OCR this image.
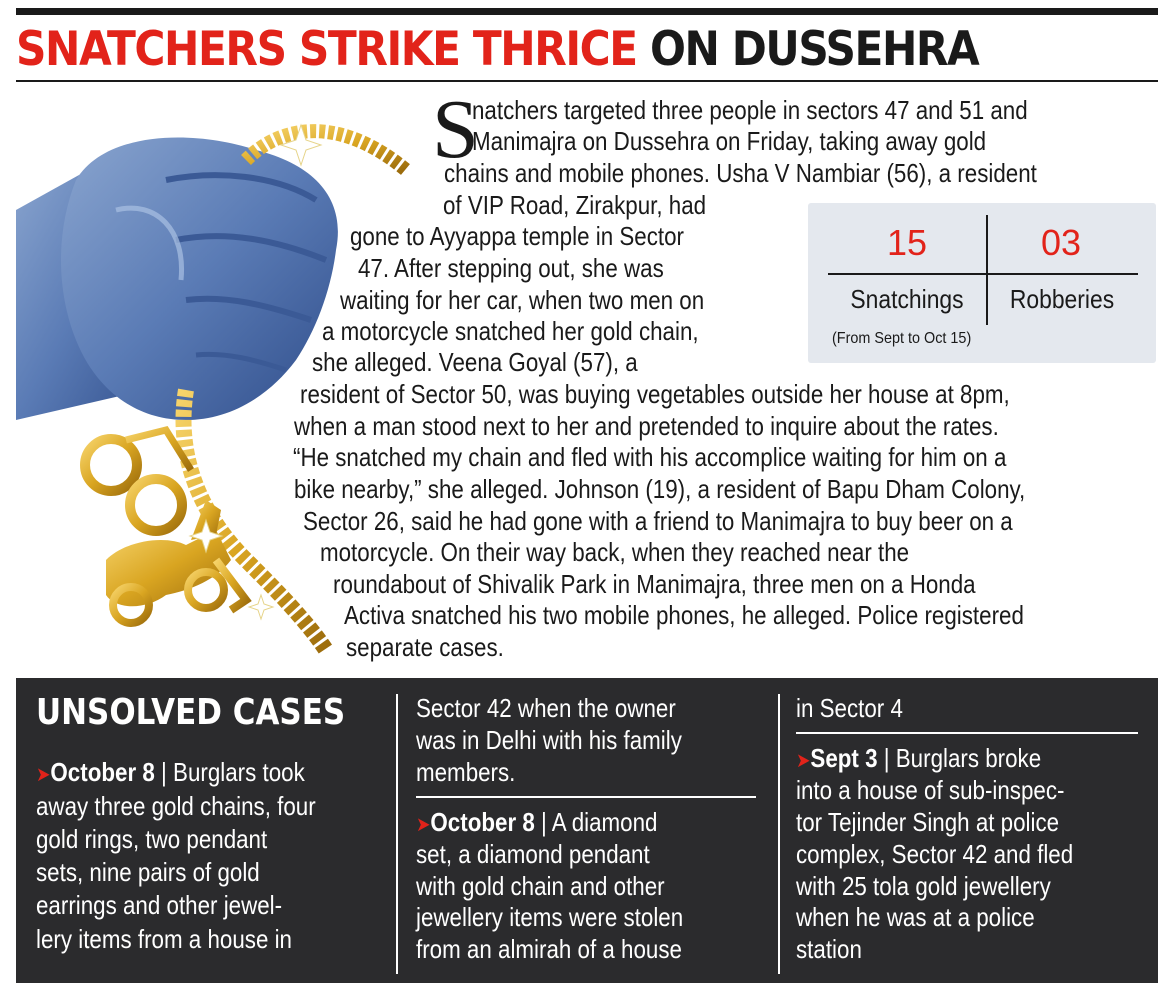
SNATCHERS STRIKE THRICE ON DUSSEHRA
S
natchers targeted three people in sectors 47 and 51 and
Manimajra on Dussehra on Friday, taking away gold
chains and mobile phones. Usha V Nambiar (56), a resident
of VIP Road, Zirakpur, had
gone to Ayyappa temple in Sector
47. After stepping out, she was
waiting for her car, when two men on
a motorcycle snatched her gold chain,
she alleged. Veena Goyal (57), a
resident of Sector 50, was buying vegetables outside her house at 8pm,
when a man stood next to her and pretended to inquire about the rates.
“He snatched my chain and fled with his accomplice waiting for him on a
bike nearby,” she alleged. Johnson (19), a resident of Bapu Dham Colony,
Sector 26, said he had gone with a friend to Manimajra to buy beer on a
motorcycle. On their way back, when they reached near the
roundabout of Shivalik Park in Manimajra, three men on a Honda
Activa snatched his two mobile phones, he alleged. Police registered
separate cases.
15	03
Snatchings	Robberies
(From Sept to Oct 15)
UNSOLVED CASES
➤October 8 | Burglars took
away three gold chains, four
gold rings, two pendant
sets, nine pairs of gold
earrings and other jewel-
lery items from a house in
Sector 42 when the owner
was in Delhi with his family
members.
➤October 8 | A diamond
set, a diamond pendant
with gold chain and other
jewellery items were stolen
from an almirah of a house
in Sector 4
➤Sept 3 | Burglars broke
into a house of sub-inspec-
tor Tejinder Singh at police
complex, Sector 42 and fled
with 25 tola gold jewellery
when he was at a police
station
